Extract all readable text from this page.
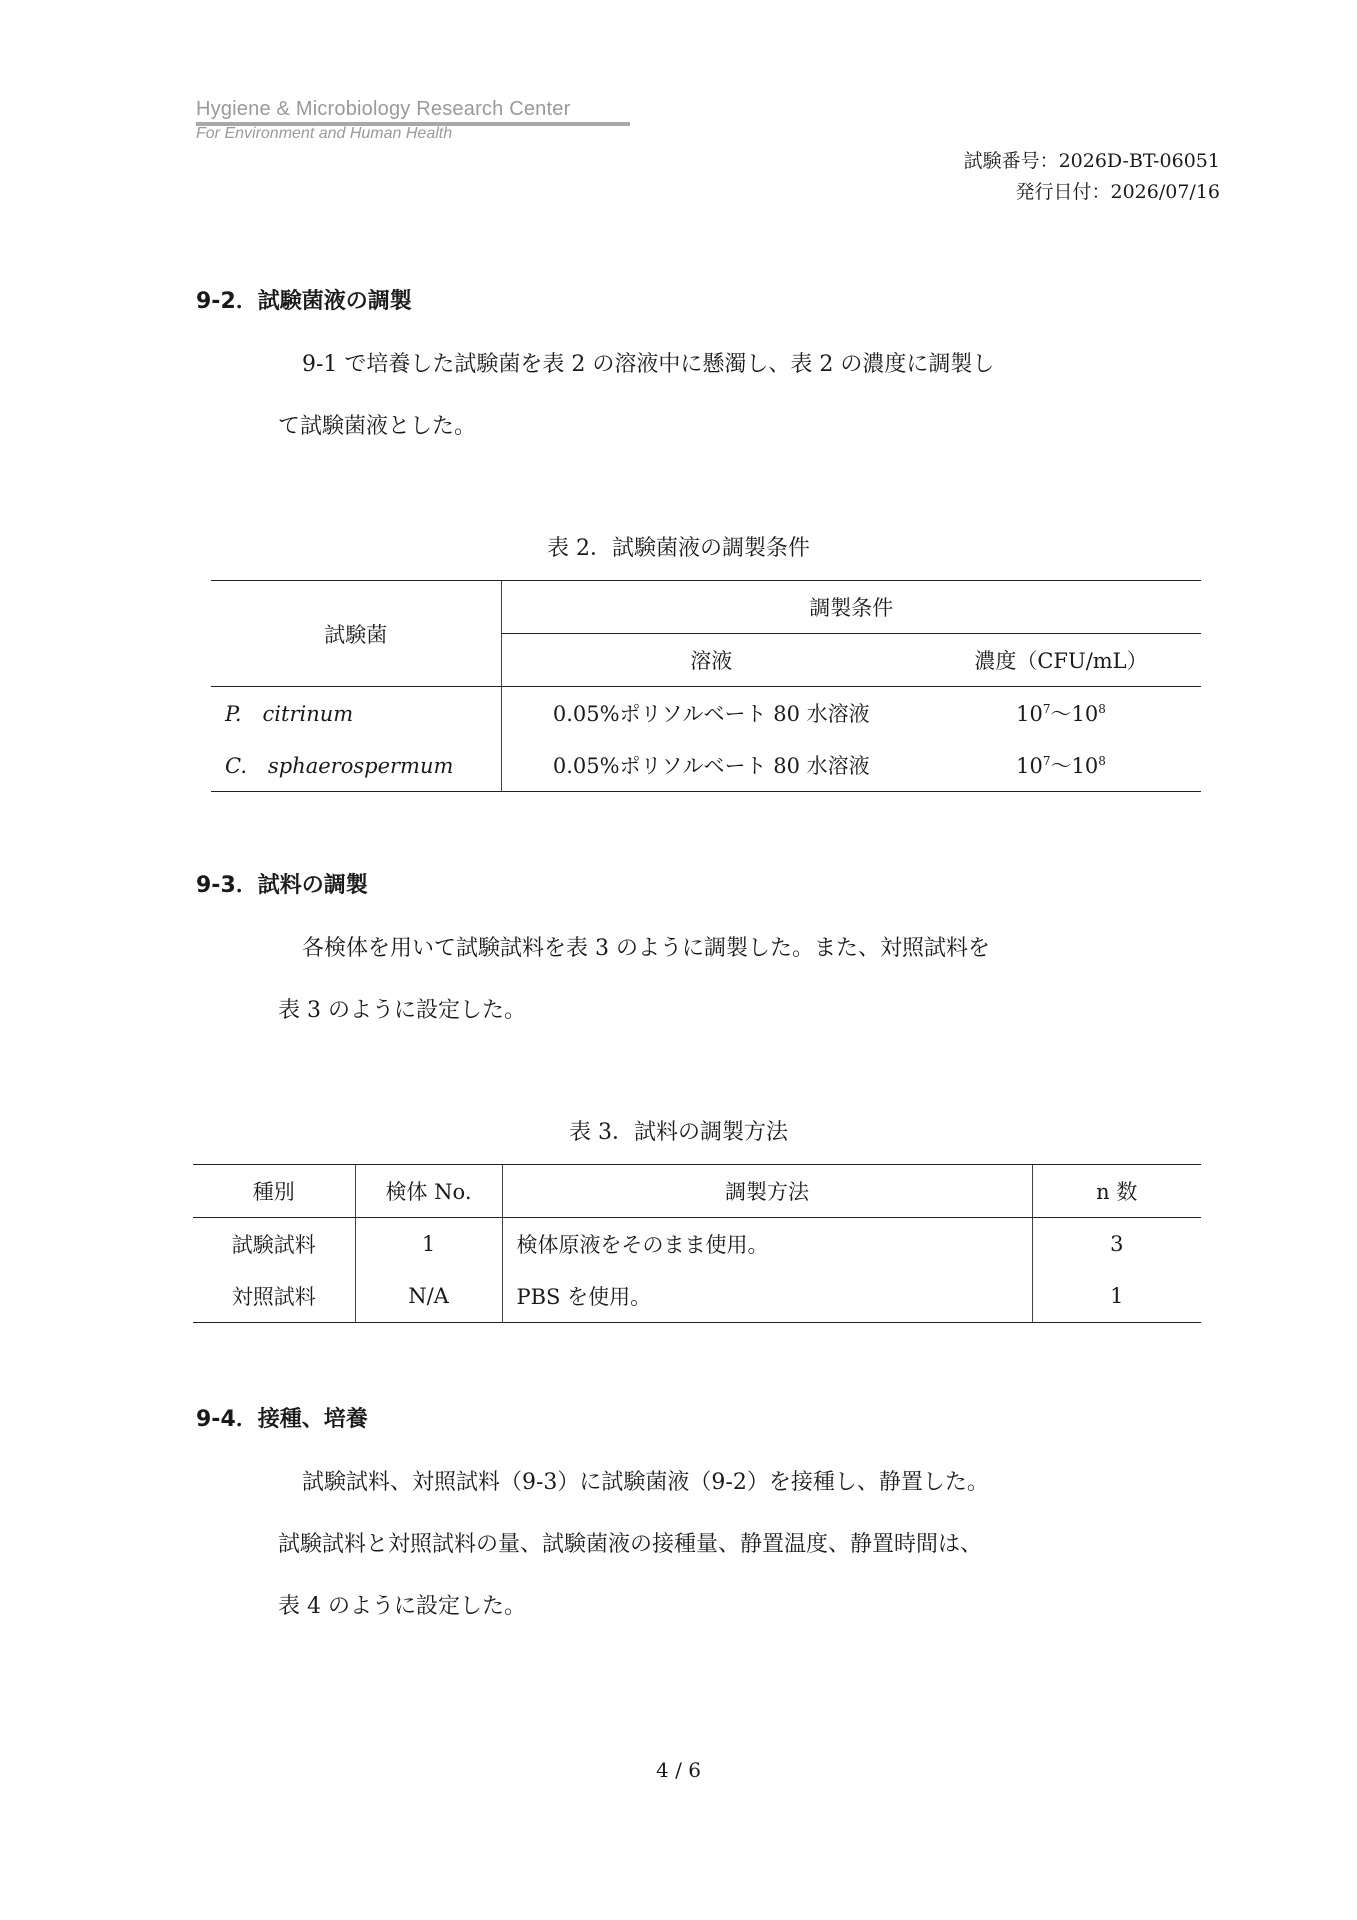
Hygiene & Microbiology Research Center
For Environment and Human Health
試験番号：2026D-BT-06051
発行日付：2026/07/16
9-2．試験菌液の調製
9-1 で培養した試験菌を表 2 の溶液中に懸濁し、表 2 の濃度に調製し
て試験菌液とした。
表 2．試験菌液の調製条件
試験菌	調製条件	
	溶液	濃度（CFU/mL）
P.　citrinum	0.05%ポリソルベート 80 水溶液	$10^7\sim 10^8$
C.　sphaerospermum	0.05%ポリソルベート 80 水溶液	$10^7\sim 10^8$
9-3．試料の調製
各検体を用いて試験試料を表 3 のように調製した。また、対照試料を
表 3 のように設定した。
表 3．試料の調製方法
種別	検体 No.	調製方法	n 数
試験試料	1	検体原液をそのまま使用。	3
対照試料	N/A	PBS を使用。	1
9-4．接種、培養
試験試料、対照試料（9-3）に試験菌液（9-2）を接種し、静置した。
試験試料と対照試料の量、試験菌液の接種量、静置温度、静置時間は、
表 4 のように設定した。
4 / 6
